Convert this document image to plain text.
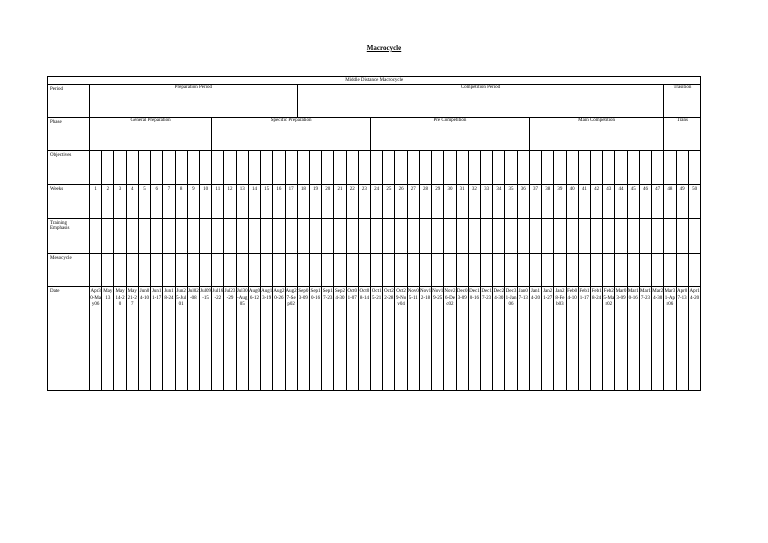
Macrocycle
Middle Distance Macrocycle																																																		
Period	Preparation Period																	Competition Period																														Trasition		
Phase	General Preparation										Specific Preparation													Pre Competition													Main Competition											Trans		
Objectives																																																		
Weeks	1	2	3	4	5	6	7	8	9	10	11	12	13	14	15	16	17	18	19	20	21	22	23	24	25	26	27	28	29	30	31	32	33	34	35	36	37	38	39	40	41	42	43	44	45	46	47	48	49	50
Training Emphasis																																																		
Mesocycle																																																		
Date	Apr30-May06	May13	May14-20	May21-27	Jun04-10	Jun11-17	Jun18-24	Jun25-Jul01	Jul02-08	Jul09-15	Jul16-22	Jul23-29	Jul30-Aug05	Aug06-12	Aug13-19	Aug20-26	Aug27-Sep02	Sep03-09	Sep10-16	Sep17-23	Sep24-30	Oct01-07	Oct08-14	Oct15-21	Oct22-28	Oct29-Nov04	Nov05-11	Nov12-18	Nov19-25	Nov26-Dec02	Dec03-09	Dec10-16	Dec17-23	Dec24-30	Dec31-Jan06	Jan07-13	Jan14-20	Jan21-27	Jan28-Feb03	Feb04-10	Feb11-17	Feb18-24	Feb25-Mar02	Mar03-09	Mar10-16	Mar17-23	Mar24-30	Mar31-Apr06	Apr07-13	Apr14-20
